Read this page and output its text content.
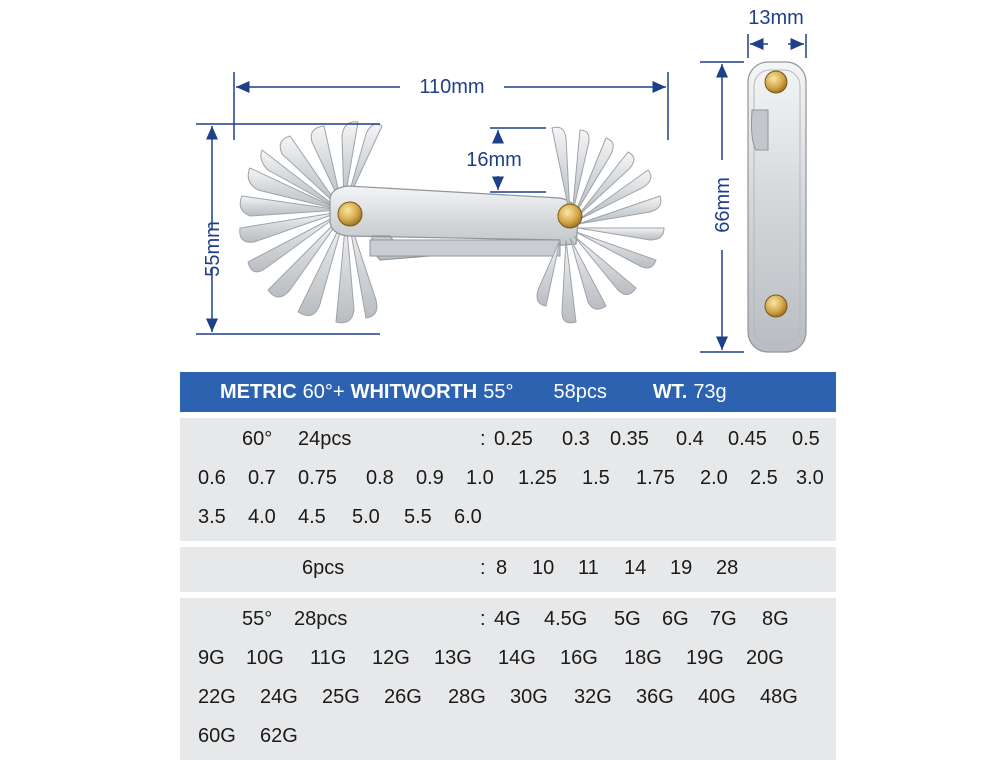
110mm
55mm
16mm
13mm
66mm
METRIC 60°+ WHITWORTH 55° 58pcs WT. 73g
60° 24pcs	: 0.25 0.3 0.35 0.4 0.45 0.5
0.6 0.7 0.75 0.8 0.9 1.0 1.25 1.5 1.75 2.0 2.5 3.0
3.5 4.0 4.5 5.0 5.5 6.0
6pcs	: 8 10 11 14 19 28
55° 28pcs	: 4G 4.5G 5G 6G 7G 8G
9G 10G 11G 12G 13G 14G 16G 18G 19G 20G
22G 24G 25G 26G 28G 30G 32G 36G 40G 48G
60G 62G
